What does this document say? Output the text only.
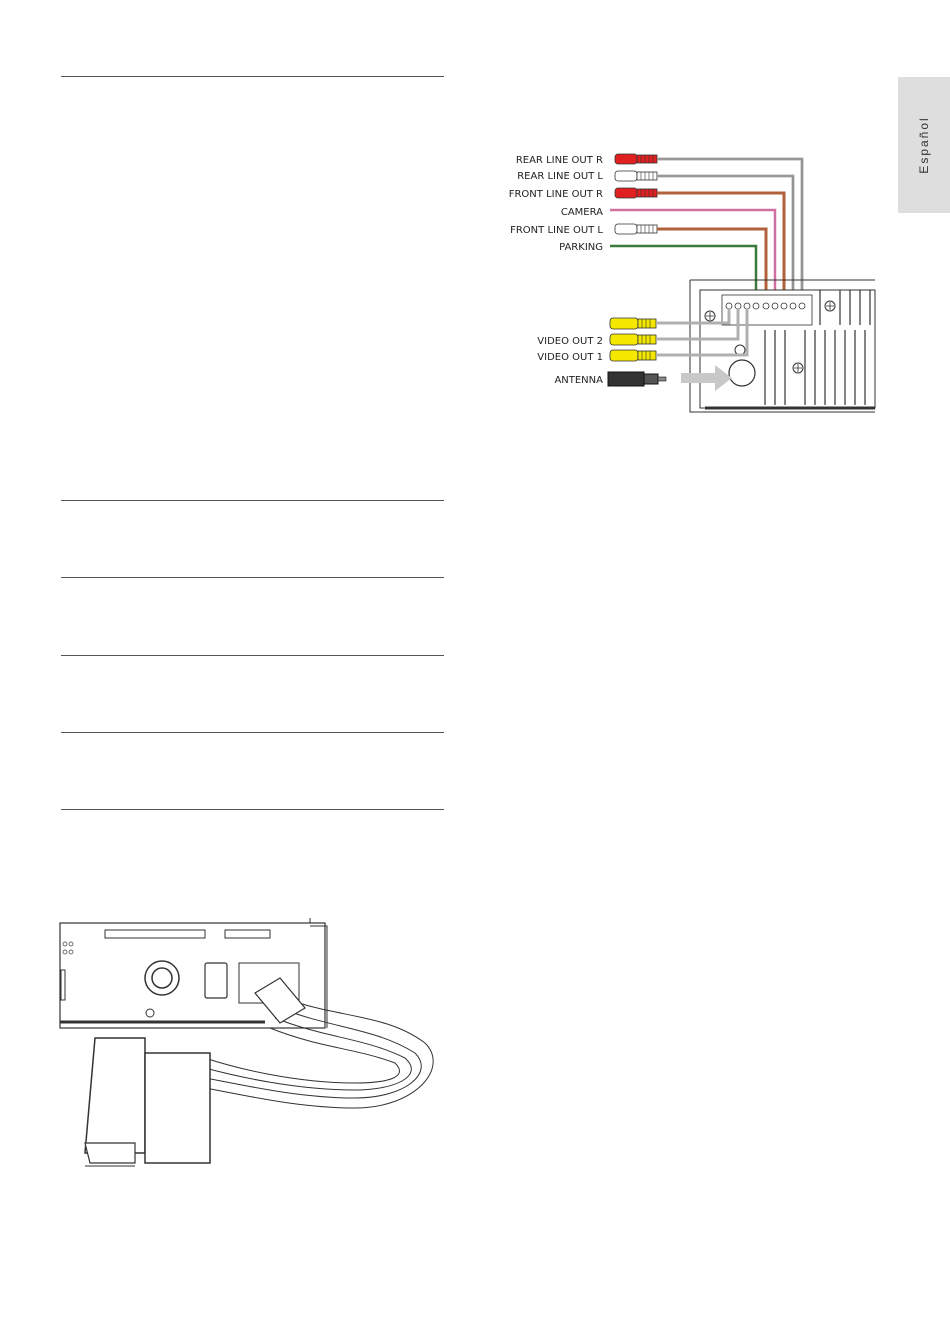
Español
REAR LINE OUT R
REAR LINE OUT L
FRONT LINE OUT R
CAMERA
FRONT LINE OUT L
PARKING
VIDEO OUT 2
VIDEO OUT 1
ANTENNA
